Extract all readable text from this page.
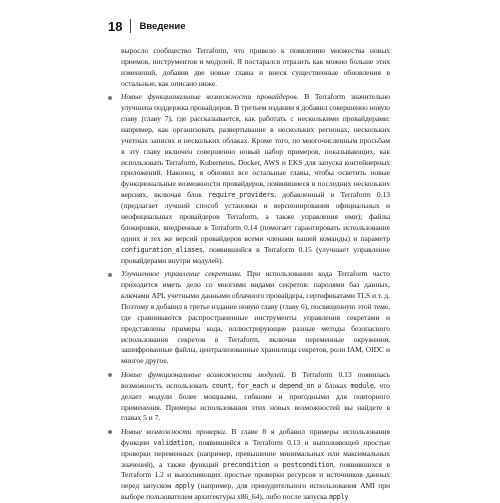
18 Введение

выросло сообщество Terraform, что привело к появлению множества новых приемов, инструментов и модулей. Я постарался отразить как можно больше этих изменений, добавив две новые главы и внеся существенные обновления в остальные, как описано ниже.

Новые функциональные возможности провайдеров. В Terraform значительно улучшена поддержка провайдеров. В третьем издании я добавил совершенно новую главу (главу 7), где рассказывается, как работать с несколькими провайдерами: например, как организовать развертывание в нескольких регионах, нескольких учетных записях и нескольких облаках. Кроме того, по многочисленным просьбам в эту главу включен совершенно новый набор примеров, показывающих, как использовать Terraform, Kubernetes, Docker, AWS и EKS для запуска контейнерных приложений. Наконец, я обновил все остальные главы, чтобы осветить новые функциональные возможности провайдеров, появившиеся в последних нескольких версиях, включая блок require_providers, добавленный в Terraform 0.13 (предлагает лучший способ установки и версионирования официальных и неофициальных провайдеров Terraform, а также управления ими); файлы блокировки, внедренные в Terraform 0.14 (помогает гарантировать использование одних и тех же версий провайдеров всеми членами вашей команды) и параметр configuration_aliases, появившийся в Terraform 0.15 (улучшает управление провайдерами внутри модулей).
Улучшенное управление секретами. При использовании кода Terraform часто приходится иметь дело со многими видами секретов: паролями баз данных, ключами API, учетными данными облачного провайдера, сертификатами TLS и т. д. Поэтому я добавил в третье издание новую главу (главу 6), посвященную этой теме, где сравниваются распространенные инструменты управления секретами и представлены примеры кода, иллюстрирующие разные методы безопасного использования секретов в Terraform, включая переменные окружения, зашифрованные файлы, централизованные хранилища секретов, роли IAM, OIDC и многое другое.
Новые функциональные возможности модулей. В Terraform 0.13 появилась возможность использовать count, for_each и depend_on в блоках module, что делает модули более мощными, гибкими и пригодными для повторного применения. Примеры использования этих новых возможностей вы найдете в главах 5 и 7.
Новые возможности проверки. В главе 8 я добавил примеры использования функции validation, появившейся в Terraform 0.13 и выполняющей простые проверки переменных (например, превышение минимальных или максимальных значений), а также функций precondition и postcondition, появившихся в Terraform 1.2 и выполняющих простые проверки ресурсов и источников данных перед запуском apply (например, для принудительного использования AMI при выборе пользователем архитектуры x86_64), либо после запуска apply
